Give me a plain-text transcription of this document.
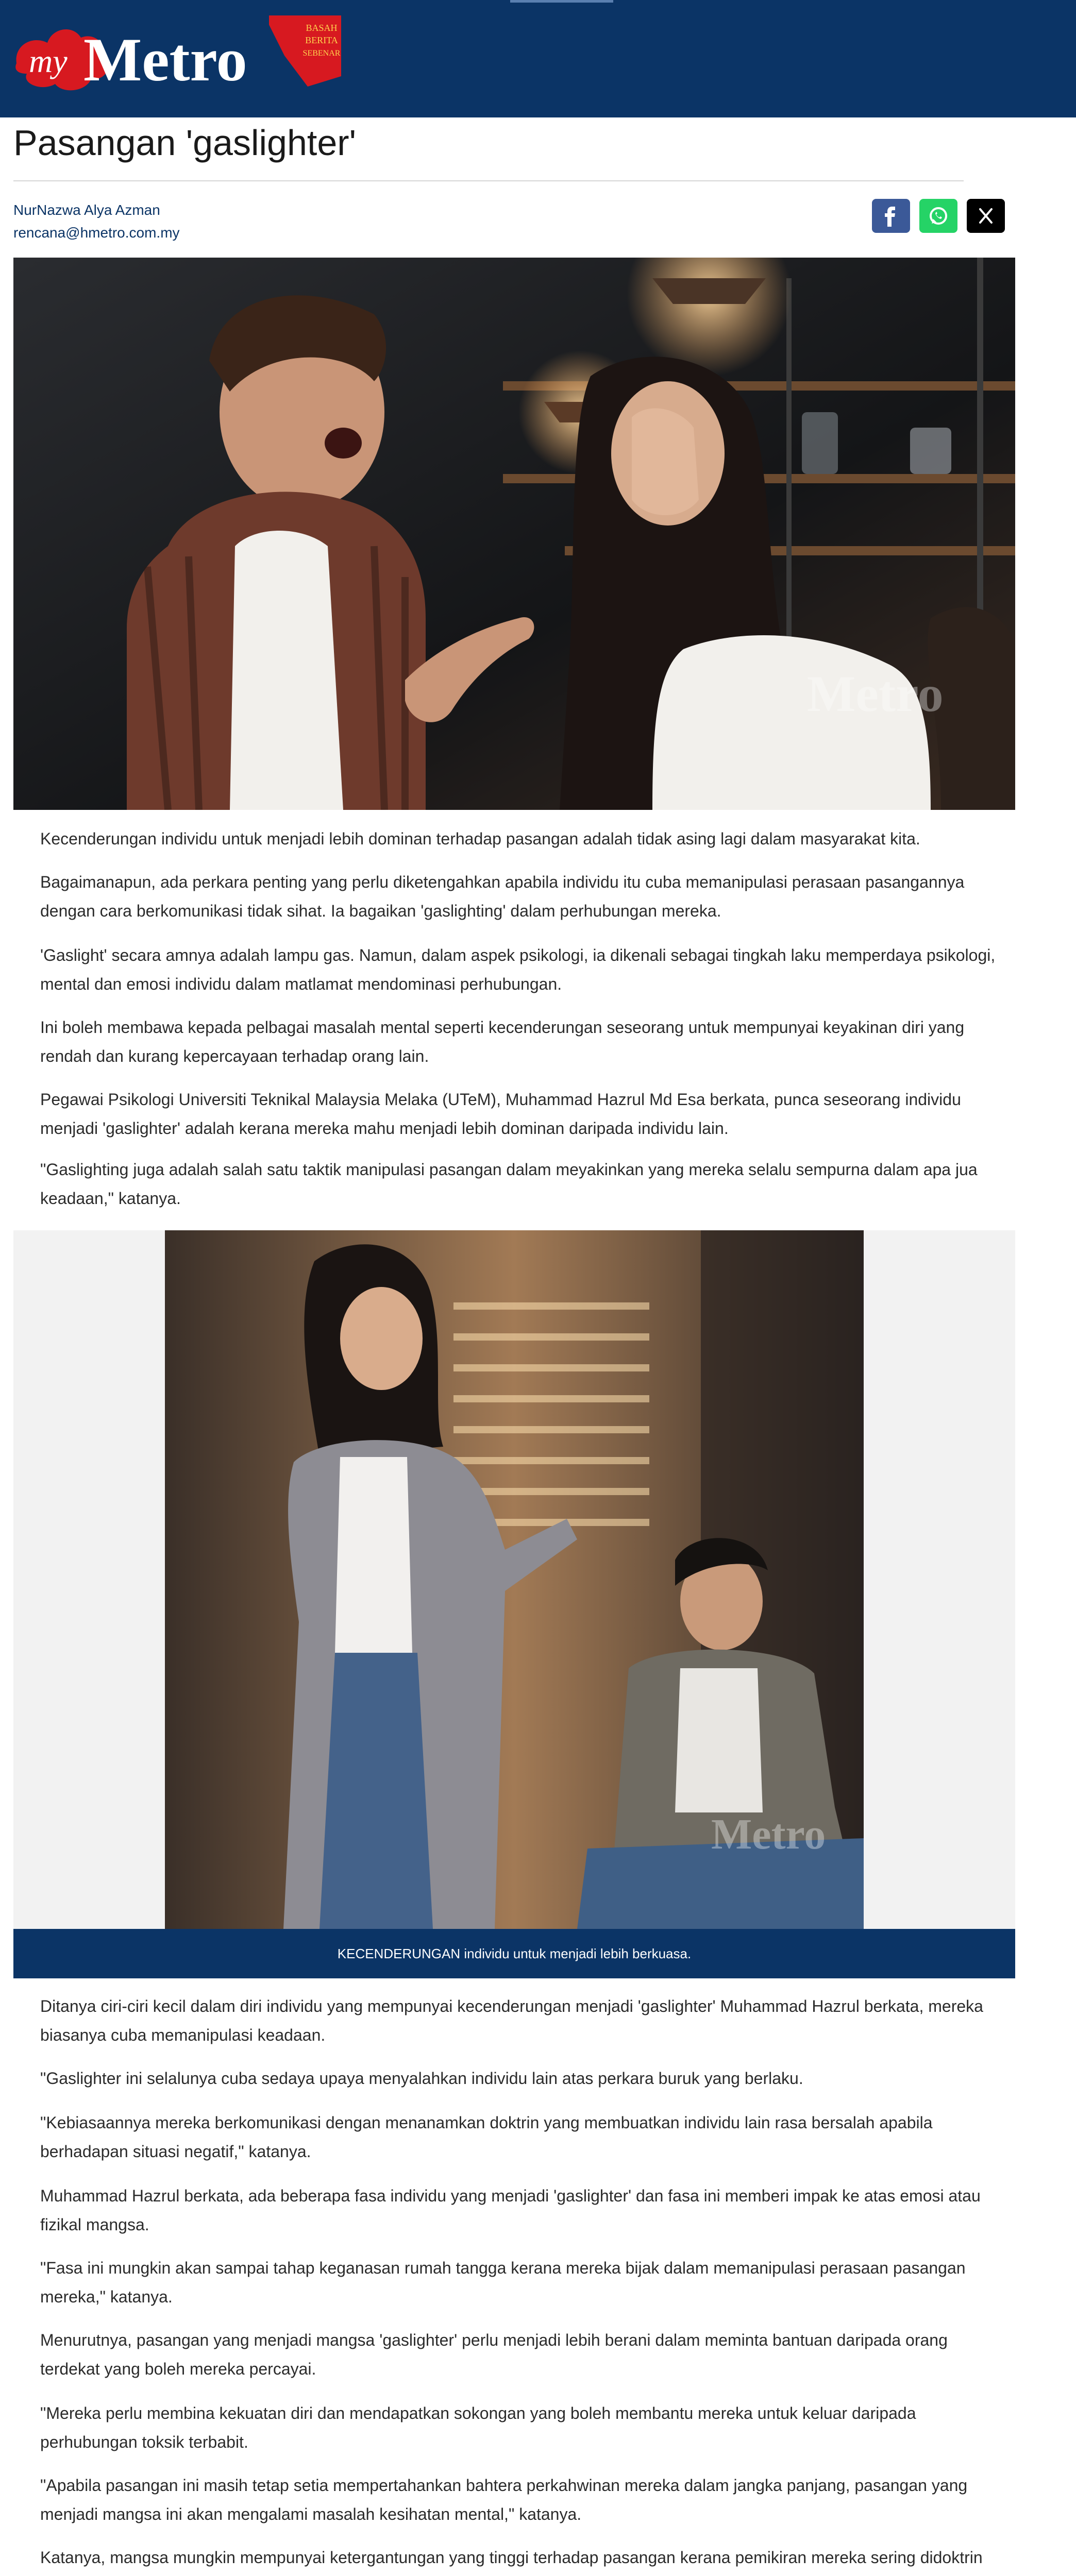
my Metro	BASAH
BERITA
SEBENAR
Pasangan 'gaslighter'
NurNazwa Alya Azman
rencana@hmetro.com.my
Metro

Kecenderungan individu untuk menjadi lebih dominan terhadap pasangan adalah tidak asing lagi dalam masyarakat kita.

Bagaimanapun, ada perkara penting yang perlu diketengahkan apabila individu itu cuba memanipulasi perasaan pasangannya dengan cara berkomunikasi tidak sihat. Ia bagaikan 'gaslighting' dalam perhubungan mereka.

'Gaslight' secara amnya adalah lampu gas. Namun, dalam aspek psikologi, ia dikenali sebagai tingkah laku memperdaya psikologi, mental dan emosi individu dalam matlamat mendominasi perhubungan.

Ini boleh membawa kepada pelbagai masalah mental seperti kecenderungan seseorang untuk mempunyai keyakinan diri yang rendah dan kurang kepercayaan terhadap orang lain.

Pegawai Psikologi Universiti Teknikal Malaysia Melaka (UTeM), Muhammad Hazrul Md Esa berkata, punca seseorang individu menjadi 'gaslighter' adalah kerana mereka mahu menjadi lebih dominan daripada individu lain.

"Gaslighting juga adalah salah satu taktik manipulasi pasangan dalam meyakinkan yang mereka selalu sempurna dalam apa jua keadaan," katanya.

Metro
KECENDERUNGAN individu untuk menjadi lebih berkuasa.

Ditanya ciri-ciri kecil dalam diri individu yang mempunyai kecenderungan menjadi 'gaslighter' Muhammad Hazrul berkata, mereka biasanya cuba memanipulasi keadaan.

"Gaslighter ini selalunya cuba sedaya upaya menyalahkan individu lain atas perkara buruk yang berlaku.

"Kebiasaannya mereka berkomunikasi dengan menanamkan doktrin yang membuatkan individu lain rasa bersalah apabila berhadapan situasi negatif," katanya.

Muhammad Hazrul berkata, ada beberapa fasa individu yang menjadi 'gaslighter' dan fasa ini memberi impak ke atas emosi atau fizikal mangsa.

"Fasa ini mungkin akan sampai tahap keganasan rumah tangga kerana mereka bijak dalam memanipulasi perasaan pasangan mereka," katanya.

Menurutnya, pasangan yang menjadi mangsa 'gaslighter' perlu menjadi lebih berani dalam meminta bantuan daripada orang terdekat yang boleh mereka percayai.

"Mereka perlu membina kekuatan diri dan mendapatkan sokongan yang boleh membantu mereka untuk keluar daripada perhubungan toksik terbabit.

"Apabila pasangan ini masih tetap setia mempertahankan bahtera perkahwinan mereka dalam jangka panjang, pasangan yang menjadi mangsa ini akan mengalami masalah kesihatan mental," katanya.

Katanya, mangsa mungkin mempunyai ketergantungan yang tinggi terhadap pasangan kerana pemikiran mereka sering didoktrin
